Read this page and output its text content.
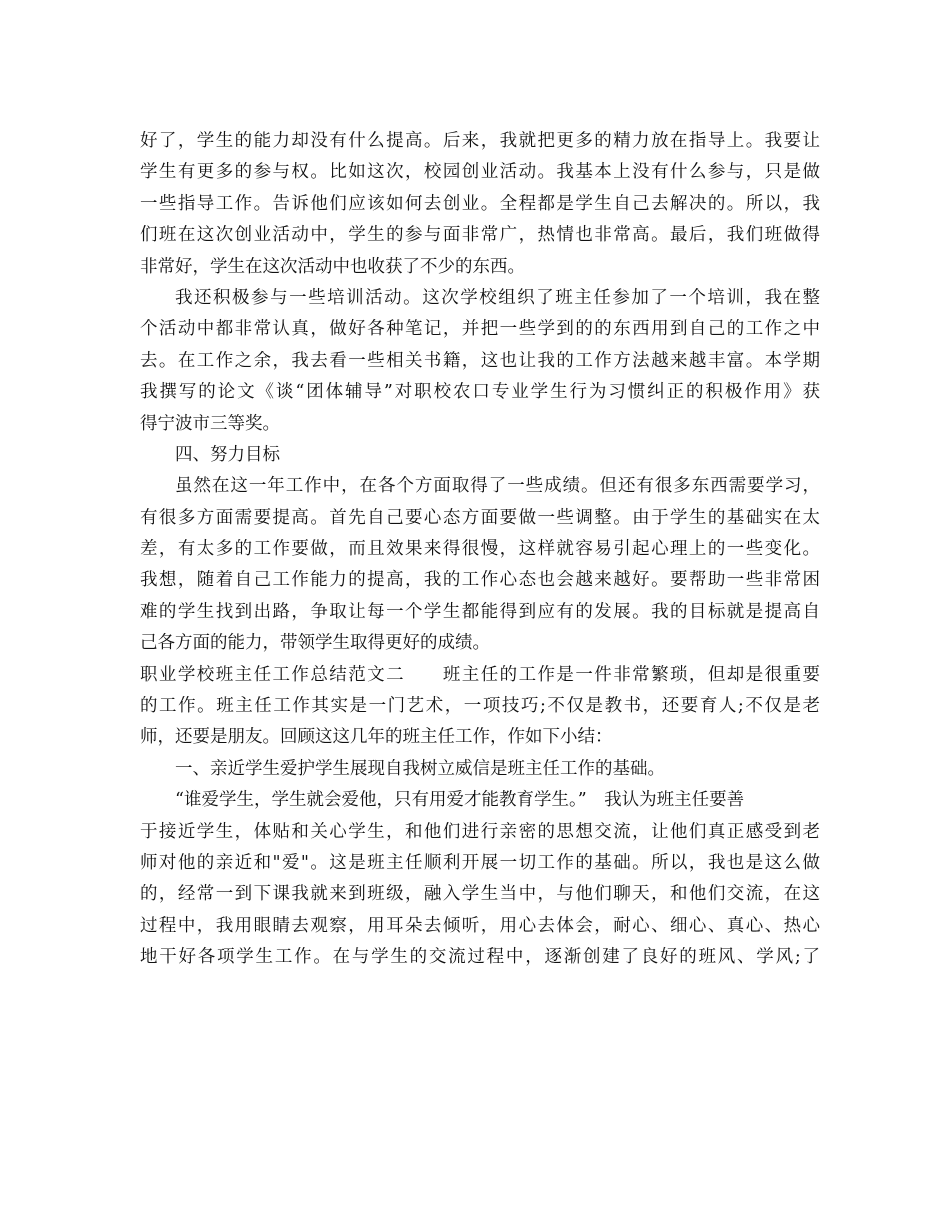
好了，学生的能力却没有什么提高。后来，我就把更多的精力放在指导上。我要让
学生有更多的参与权。比如这次，校园创业活动。我基本上没有什么参与，只是做
一些指导工作。告诉他们应该如何去创业。全程都是学生自己去解决的。所以，我
们班在这次创业活动中，学生的参与面非常广，热情也非常高。最后，我们班做得
非常好，学生在这次活动中也收获了不少的东西。
我还积极参与一些培训活动。这次学校组织了班主任参加了一个培训，我在整
个活动中都非常认真，做好各种笔记，并把一些学到的的东西用到自己的工作之中
去。在工作之余，我去看一些相关书籍，这也让我的工作方法越来越丰富。本学期
我撰写的论文《谈“团体辅导”对职校农口专业学生行为习惯纠正的积极作用》获
得宁波市三等奖。
四、努力目标
虽然在这一年工作中，在各个方面取得了一些成绩。但还有很多东西需要学习，
有很多方面需要提高。首先自己要心态方面要做一些调整。由于学生的基础实在太
差，有太多的工作要做，而且效果来得很慢，这样就容易引起心理上的一些变化。
我想，随着自己工作能力的提高，我的工作心态也会越来越好。要帮助一些非常困
难的学生找到出路，争取让每一个学生都能得到应有的发展。我的目标就是提高自
己各方面的能力，带领学生取得更好的成绩。
职业学校班主任工作总结范文二　　班主任的工作是一件非常繁琐，但却是很重要
的工作。班主任工作其实是一门艺术，一项技巧;不仅是教书，还要育人;不仅是老
师，还要是朋友。回顾这这几年的班主任工作，作如下小结：
一、亲近学生爱护学生展现自我树立威信是班主任工作的基础。
“谁爱学生，学生就会爱他，只有用爱才能教育学生。”　我认为班主任要善
于接近学生，体贴和关心学生，和他们进行亲密的思想交流，让他们真正感受到老
师对他的亲近和"爱"。这是班主任顺利开展一切工作的基础。所以，我也是这么做
的，经常一到下课我就来到班级，融入学生当中，与他们聊天，和他们交流，在这
过程中，我用眼睛去观察，用耳朵去倾听，用心去体会，耐心、细心、真心、热心
地干好各项学生工作。在与学生的交流过程中，逐渐创建了良好的班风、学风;了
